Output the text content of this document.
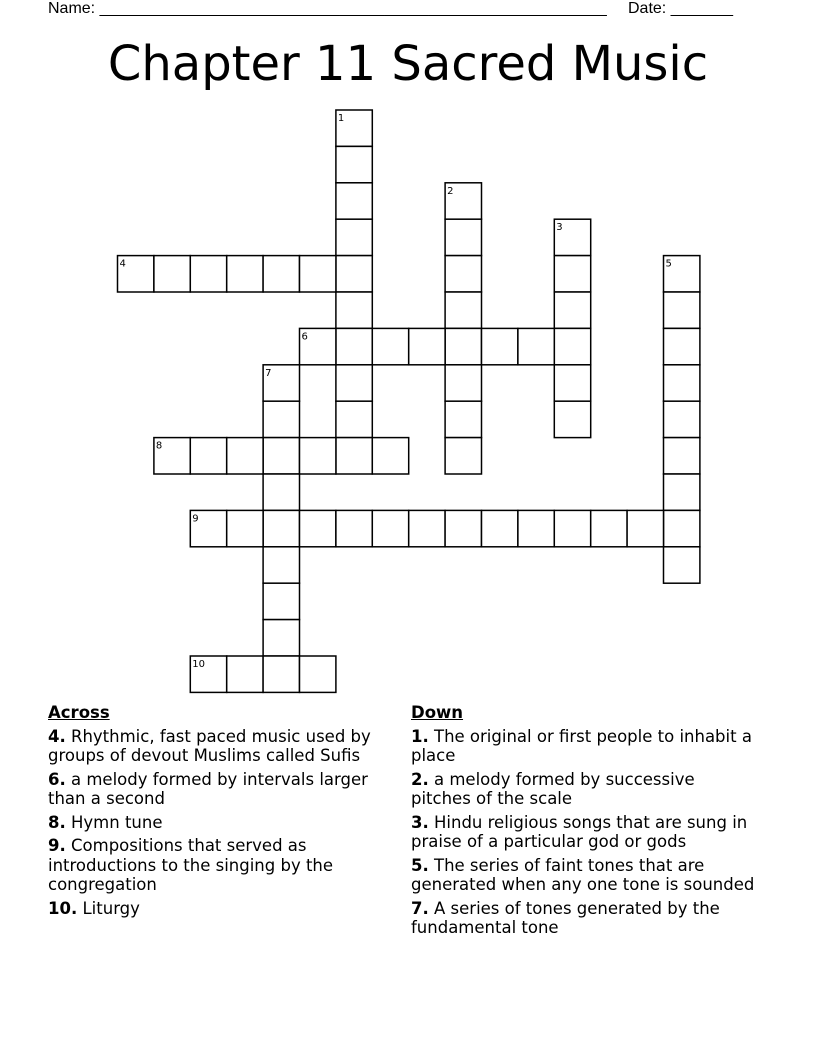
Name: _________________________________________________________ Date: _______
Chapter 11 Sacred Music
1
2
3
4	5
6
7
8
9
10
Across
4. Rhythmic, fast paced music used by groups of devout Muslims called Sufis
6. a melody formed by intervals larger than a second
8. Hymn tune
9. Compositions that served as introductions to the singing by the congregation
10. Liturgy
Down
1. The original or first people to inhabit a place
2. a melody formed by successive pitches of the scale
3. Hindu religious songs that are sung in praise of a particular god or gods
5. The series of faint tones that are generated when any one tone is sounded
7. A series of tones generated by the fundamental tone
